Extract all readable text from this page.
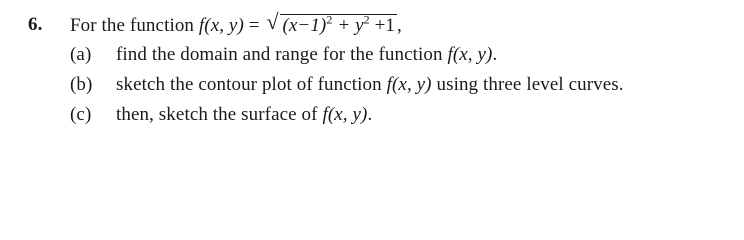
6. For the function f(x, y) = √ $(x-1)^2 + y^2 +1$ ,
(a) find the domain and range for the function f(x, y).
(b) sketch the contour plot of function f(x, y) using three level curves.
(c) then, sketch the surface of f(x, y).
